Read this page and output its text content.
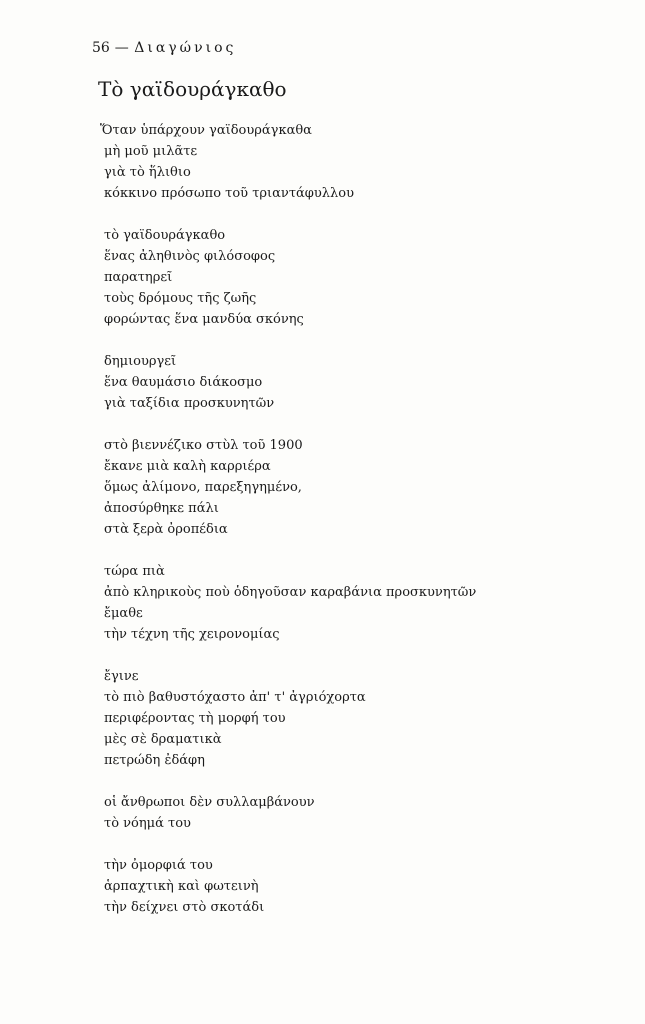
56 — Διαγώνιος
Τὸ γαϊδουράγκαθο
Ὅταν ὑπάρχουν γαϊδουράγκαθα
μὴ μοῦ μιλᾶτε
γιὰ τὸ ἥλιθιο
κόκκινο πρόσωπο τοῦ τριαντάφυλλου
τὸ γαϊδουράγκαθο
ἕνας ἀληθινὸς φιλόσοφος
παρατηρεῖ
τοὺς δρόμους τῆς ζωῆς
φορώντας ἕνα μανδύα σκόνης
δημιουργεῖ
ἕνα θαυμάσιο διάκοσμο
γιὰ ταξίδια προσκυνητῶν
στὸ βιεννέζικο στὺλ τοῦ 1900
ἔκανε μιὰ καλὴ καρριέρα
ὅμως ἀλίμονο, παρεξηγημένο,
ἀποσύρθηκε πάλι
στὰ ξερὰ ὀροπέδια
τώρα πιὰ
ἀπὸ κληρικοὺς ποὺ ὁδηγοῦσαν καραβάνια προσκυνητῶν
ἔμαθε
τὴν τέχνη τῆς χειρονομίας
ἔγινε
τὸ πιὸ βαθυστόχαστο ἀπ' τ' ἀγριόχορτα
περιφέροντας τὴ μορφή του
μὲς σὲ δραματικὰ
πετρώδη ἐδάφη
οἱ ἄνθρωποι δὲν συλλαμβάνουν
τὸ νόημά του
τὴν ὀμορφιά του
ἁρπαχτικὴ καὶ φωτεινὴ
τὴν δείχνει στὸ σκοτάδι
